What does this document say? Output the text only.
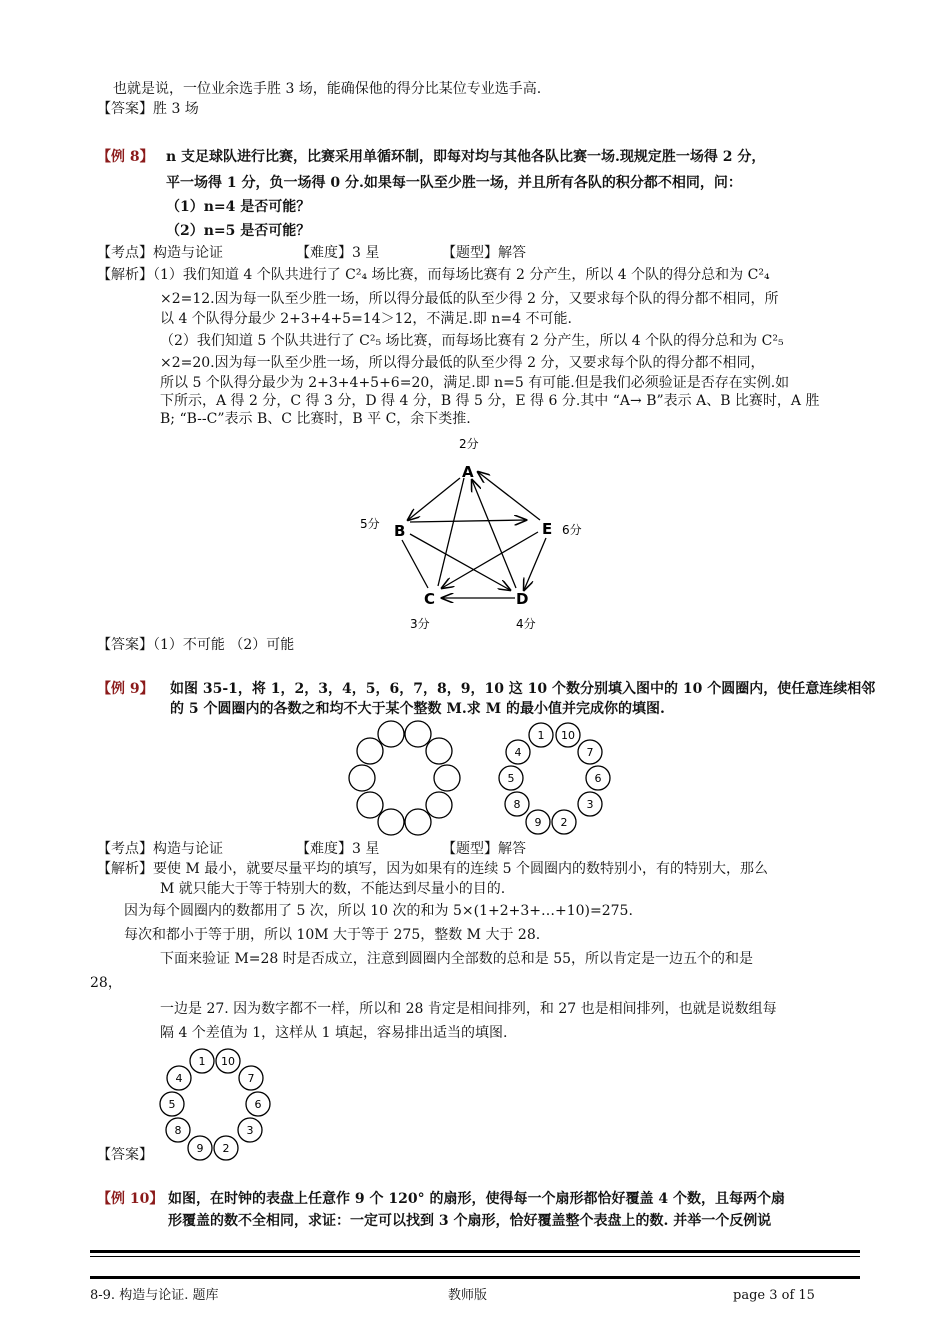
也就是说，一位业余选手胜 3 场，能确保他的得分比某位专业选手高.
【答案】胜 3 场
【例 8】 n 支足球队进行比赛，比赛采用单循环制，即每对均与其他各队比赛一场.现规定胜一场得 2 分，
平一场得 1 分，负一场得 0 分.如果每一队至少胜一场，并且所有各队的积分都不相同，问：
（1）n=4 是否可能？
（2）n=5 是否可能？
【考点】构造与论证	【难度】3 星	【题型】解答
【解析】（1）我们知道 4 个队共进行了 C²₄ 场比赛，而每场比赛有 2 分产生，所以 4 个队的得分总和为 C²₄
×2=12.因为每一队至少胜一场，所以得分最低的队至少得 2 分，又要求每个队的得分都不相同，所
以 4 个队得分最少 2+3+4+5=14＞12，不满足.即 n=4 不可能.
（2）我们知道 5 个队共进行了 C²₅ 场比赛，而每场比赛有 2 分产生，所以 4 个队的得分总和为 C²₅
×2=20.因为每一队至少胜一场，所以得分最低的队至少得 2 分，又要求每个队的得分都不相同，
所以 5 个队得分最少为 2+3+4+5+6=20，满足.即 n=5 有可能.但是我们必须验证是否存在实例.如
下所示，A 得 2 分，C 得 3 分，D 得 4 分，B 得 5 分，E 得 6 分.其中 “A→ B”表示 A、B 比赛时，A 胜
B; “B--C”表示 B、C 比赛时，B 平 C，余下类推.
A
B	E
C	D
2分
5分	6分
3分	4分
【答案】（1）不可能 （2）可能
【例 9】 如图 35-1，将 1，2，3，4，5，6，7，8，9，10 这 10 个数分别填入图中的 10 个圆圈内，使任意连续相邻
的 5 个圆圈内的各数之和均不大于某个整数 M.求 M 的最小值并完成你的填图.
1 10
7
6
3
2
9
8
5
4
【考点】构造与论证	【难度】3 星	【题型】解答
【解析】要使 M 最小，就要尽量平均的填写，因为如果有的连续 5 个圆圈内的数特别小，有的特别大，那么
M 就只能大于等于特别大的数，不能达到尽量小的目的.
因为每个圆圈内的数都用了 5 次，所以 10 次的和为 5×(1+2+3+…+10)=275.
每次和都小于等于朋，所以 10M 大于等于 275，整数 M 大于 28.
下面来验证 M=28 时是否成立，注意到圆圈内全部数的总和是 55，所以肯定是一边五个的和是
28，
一边是 27. 因为数字都不一样，所以和 28 肯定是相间排列，和 27 也是相间排列，也就是说数组每
隔 4 个差值为 1，这样从 1 填起，容易排出适当的填图.
1 10
7
6
3
2
9
8
5
4
【答案】
【例 10】 如图，在时钟的表盘上任意作 9 个 120° 的扇形，使得每一个扇形都恰好覆盖 4 个数，且每两个扇
形覆盖的数不全相同，求证：一定可以找到 3 个扇形，恰好覆盖整个表盘上的数. 并举一个反例说
8-9. 构造与论证. 题库	教师版	page 3 of 15
